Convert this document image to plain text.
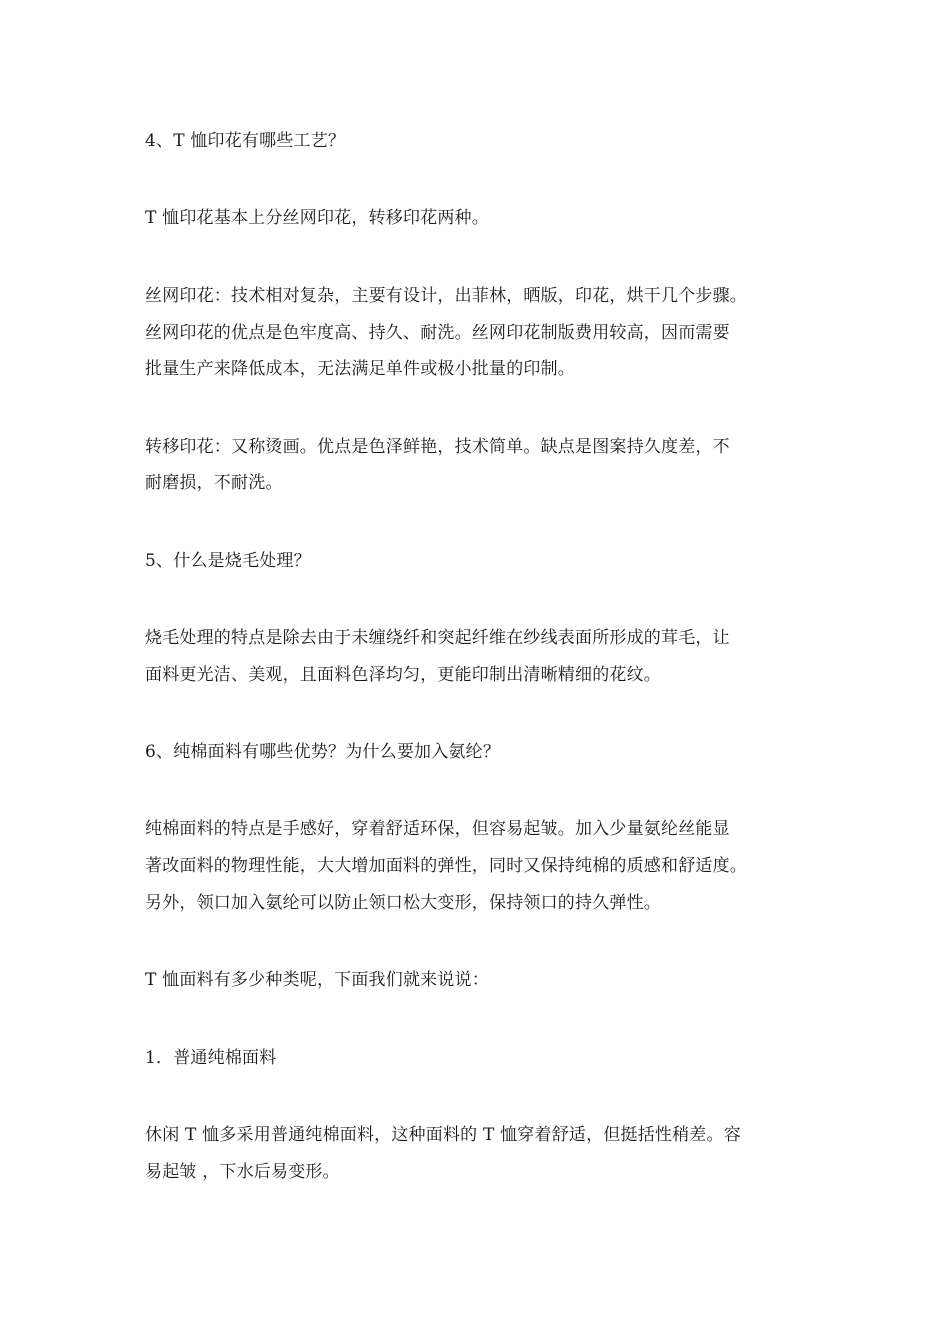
4、T 恤印花有哪些工艺？
T 恤印花基本上分丝网印花，转移印花两种。
丝网印花：技术相对复杂，主要有设计，出菲林，晒版，印花，烘干几个步骤。
丝网印花的优点是色牢度高、持久、耐洗。丝网印花制版费用较高，因而需要
批量生产来降低成本，无法满足单件或极小批量的印制。
转移印花：又称烫画。优点是色泽鲜艳，技术简单。缺点是图案持久度差，不
耐磨损，不耐洗。
5、什么是烧毛处理？
烧毛处理的特点是除去由于未缠绕纤和突起纤维在纱线表面所形成的茸毛，让
面料更光洁、美观，且面料色泽均匀，更能印制出清晰精细的花纹。
6、纯棉面料有哪些优势？为什么要加入氨纶？
纯棉面料的特点是手感好，穿着舒适环保，但容易起皱。加入少量氨纶丝能显
著改面料的物理性能，大大增加面料的弹性，同时又保持纯棉的质感和舒适度。
另外，领口加入氨纶可以防止领口松大变形，保持领口的持久弹性。
T 恤面料有多少种类呢，下面我们就来说说：
1．普通纯棉面料
休闲 T 恤多采用普通纯棉面料，这种面料的 T 恤穿着舒适，但挺括性稍差。容
易起皱 ，下水后易变形。
